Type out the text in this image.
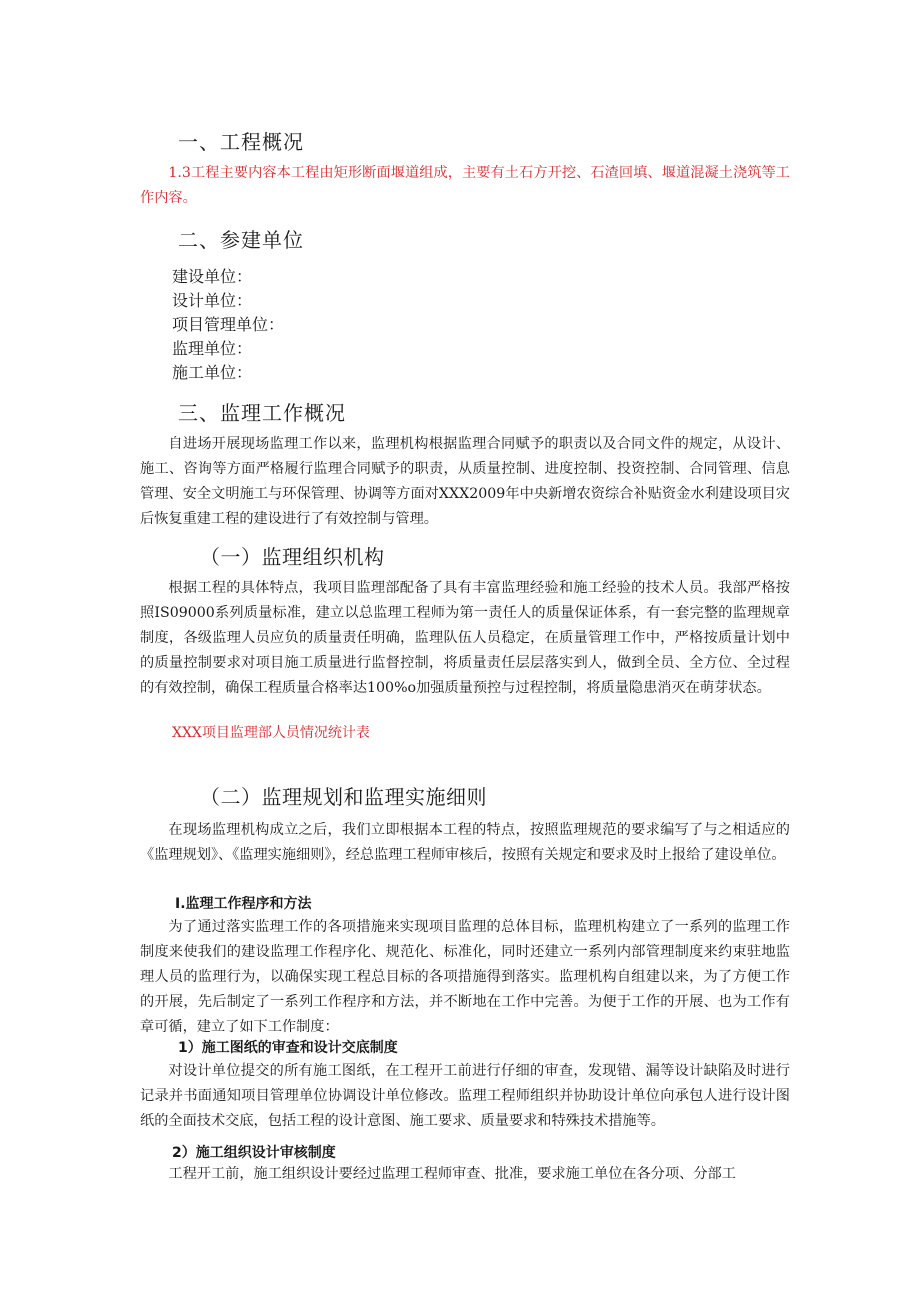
一、工程概况

1.3工程主要内容本工程由矩形断面堰道组成，主要有土石方开挖、石渣回填、堰道混凝土浇筑等工作内容。

二、参建单位
建设单位：
设计单位：
项目管理单位：
监理单位：
施工单位：
三、监理工作概况

自进场开展现场监理工作以来，监理机构根据监理合同赋予的职责以及合同文件的规定，从设计、施工、咨询等方面严格履行监理合同赋予的职责，从质量控制、进度控制、投资控制、合同管理、信息管理、安全文明施工与环保管理、协调等方面对XXX2009年中央新增农资综合补贴资金水利建设项目灾后恢复重建工程的建设进行了有效控制与管理。

（一）监理组织机构

根据工程的具体特点，我项目监理部配备了具有丰富监理经验和施工经验的技术人员。我部严格按照IS09000系列质量标准，建立以总监理工程师为第一责任人的质量保证体系，有一套完整的监理规章制度，各级监理人员应负的质量责任明确，监理队伍人员稳定，在质量管理工作中，严格按质量计划中的质量控制要求对项目施工质量进行监督控制，将质量责任层层落实到人，做到全员、全方位、全过程的有效控制，确保工程质量合格率达100%o加强质量预控与过程控制，将质量隐患消灭在萌芽状态。

XXX项目监理部人员情况统计表
（二）监理规划和监理实施细则

在现场监理机构成立之后，我们立即根据本工程的特点，按照监理规范的要求编写了与之相适应的《监理规划》、《监理实施细则》，经总监理工程师审核后，按照有关规定和要求及时上报给了建设单位。

I.监理工作程序和方法

为了通过落实监理工作的各项措施来实现项目监理的总体目标，监理机构建立了一系列的监理工作制度来使我们的建设监理工作程序化、规范化、标准化，同时还建立一系列内部管理制度来约束驻地监理人员的监理行为，以确保实现工程总目标的各项措施得到落实。监理机构自组建以来，为了方便工作的开展，先后制定了一系列工作程序和方法，并不断地在工作中完善。为便于工作的开展、也为工作有章可循，建立了如下工作制度：

1）施工图纸的审查和设计交底制度

对设计单位提交的所有施工图纸，在工程开工前进行仔细的审查，发现错、漏等设计缺陷及时进行记录并书面通知项目管理单位协调设计单位修改。监理工程师组织并协助设计单位向承包人进行设计图纸的全面技术交底，包括工程的设计意图、施工要求、质量要求和特殊技术措施等。

2）施工组织设计审核制度

工程开工前，施工组织设计要经过监理工程师审查、批准，要求施工单位在各分项、分部工
